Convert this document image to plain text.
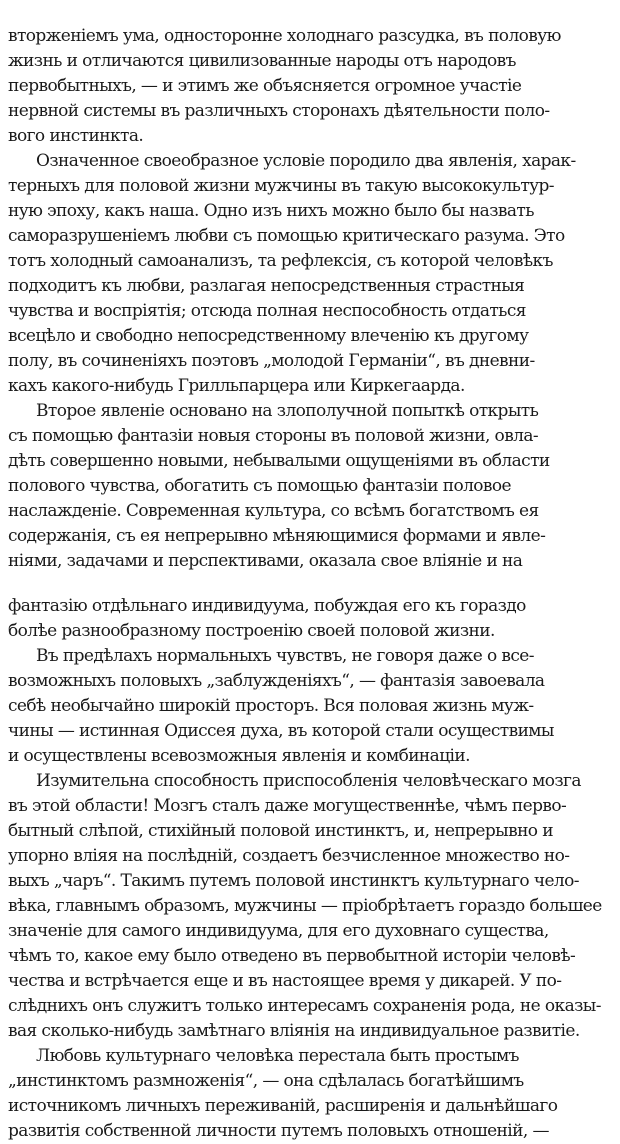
вторженіемъ ума, односторонне холоднаго разсудка, въ половую
жизнь и отличаются цивилизованные народы отъ народовъ
первобытныхъ, — и этимъ же объясняется огромное участіе
нервной системы въ различныхъ сторонахъ дѣятельности поло-
вого инстинкта.
Означенное своеобразное условіе породило два явленія, харак-
терныхъ для половой жизни мужчины въ такую высококультур-
ную эпоху, какъ наша. Одно изъ нихъ можно было бы назвать
саморазрушеніемъ любви съ помощью критическаго разума. Это
тотъ холодный самоанализъ, та рефлексія, съ которой человѣкъ
подходитъ къ любви, разлагая непосредственныя страстныя
чувства и воспріятія; отсюда полная неспособность отдаться
всецѣло и свободно непосредственному влеченію къ другому
полу, въ сочиненіяхъ поэтовъ „молодой Германіи“, въ дневни-
кахъ какого-нибудь Грилльпарцера или Киркегаарда.
Второе явленіе основано на злополучной попыткѣ открыть
съ помощью фантазіи новыя стороны въ половой жизни, овла-
дѣть совершенно новыми, небывалыми ощущеніями въ области
полового чувства, обогатить съ помощью фантазіи половое
наслажденіе. Современная культура, со всѣмъ богатствомъ ея
содержанія, съ ея непрерывно мѣняющимися формами и явле-
ніями, задачами и перспективами, оказала свое вліяніе и на
фантазію отдѣльнаго индивидуума, побуждая его къ гораздо
болѣе разнообразному построенію своей половой жизни.
Въ предѣлахъ нормальныхъ чувствъ, не говоря даже о все-
возможныхъ половыхъ „заблужденіяхъ“, — фантазія завоевала
себѣ необычайно широкій просторъ. Вся половая жизнь муж-
чины — истинная Одиссея духа, въ которой стали осуществимы
и осуществлены всевозможныя явленія и комбинаціи.
Изумительна способность приспособленія человѣческаго мозга
въ этой области! Мозгъ сталъ даже могущественнѣе, чѣмъ перво-
бытный слѣпой, стихійный половой инстинктъ, и, непрерывно и
упорно вліяя на послѣдній, создаетъ безчисленное множество но-
выхъ „чаръ“. Такимъ путемъ половой инстинктъ культурнаго чело-
вѣка, главнымъ образомъ, мужчины — пріобрѣтаетъ гораздо большее
значеніе для самого индивидуума, для его духовнаго существа,
чѣмъ то, какое ему было отведено въ первобытной исторіи человѣ-
чества и встрѣчается еще и въ настоящее время у дикарей. У по-
слѣднихъ онъ служитъ только интересамъ сохраненія рода, не оказы-
вая сколько-нибудь замѣтнаго вліянія на индивидуальное развитіе.
Любовь культурнаго человѣка перестала быть простымъ
„инстинктомъ размноженія“, — она сдѣлалась богатѣйшимъ
источникомъ личныхъ переживаній, расширенія и дальнѣйшаго
развитія собственной личности путемъ половыхъ отношеній, —
